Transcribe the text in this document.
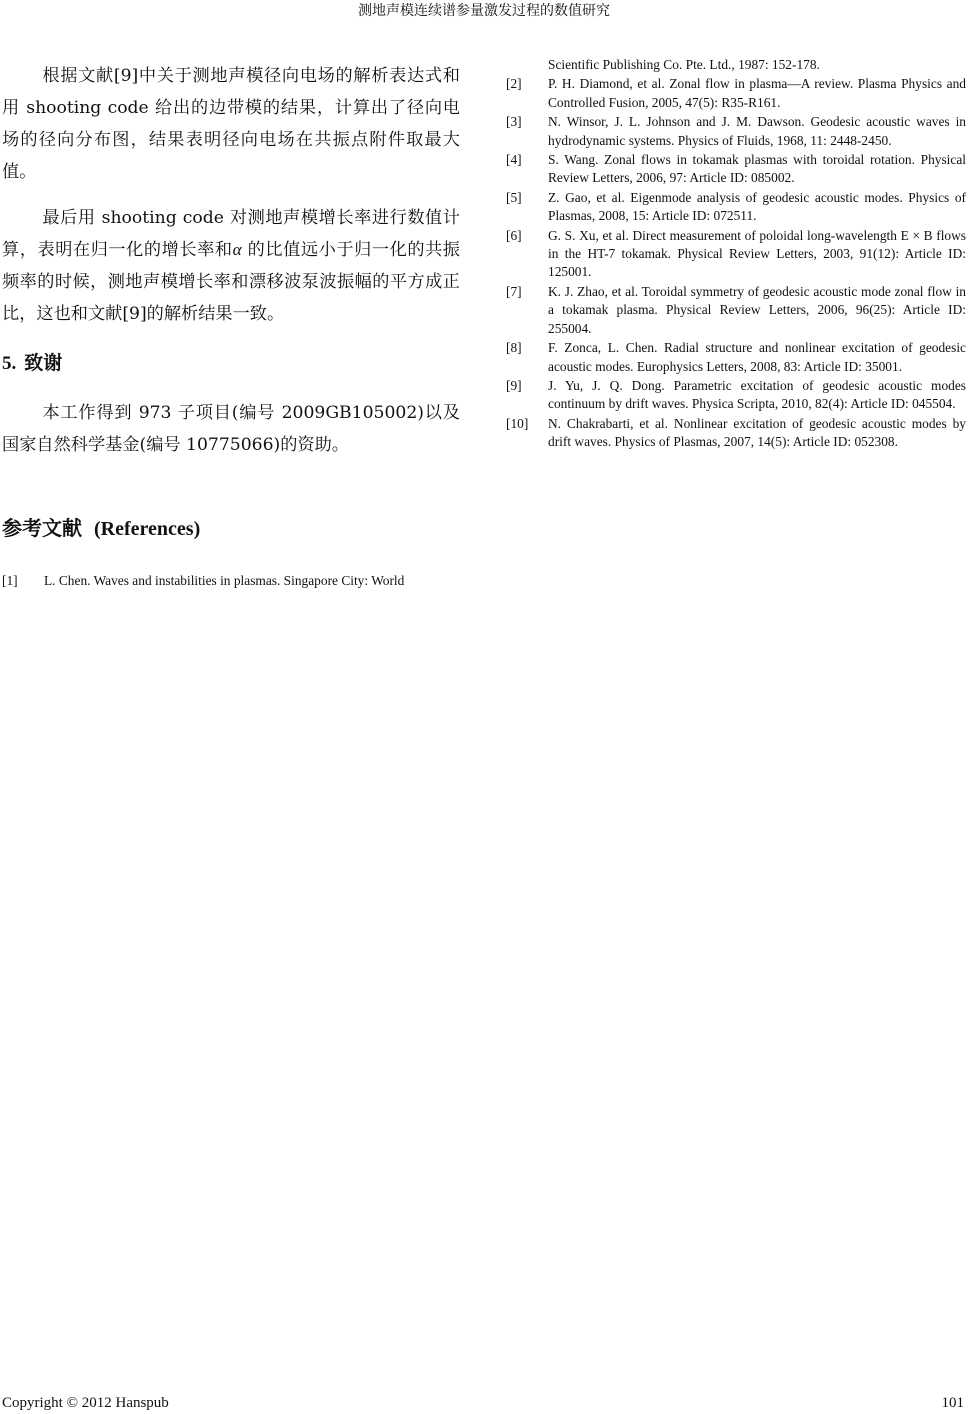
测地声模连续谱参量激发过程的数值研究

根据文献[9]中关于测地声模径向电场的解析表达式和用 shooting code 给出的边带模的结果，计算出了径向电场的径向分布图，结果表明径向电场在共振点附件取最大值。

最后用 shooting code 对测地声模增长率进行数值计算，表明在归一化的增长率和α 的比值远小于归一化的共振频率的时候，测地声模增长率和漂移波泵波振幅的平方成正比，这也和文献[9]的解析结果一致。

5. 致谢

本工作得到 973 子项目(编号 2009GB105002)以及国家自然科学基金(编号 10775066)的资助。

参考文献 (References)
[1] L. Chen. Waves and instabilities in plasmas. Singapore City: World
Scientific Publishing Co. Pte. Ltd., 1987: 152-178.
[2]	P. H. Diamond, et al. Zonal flow in plasma—A review. Plasma Physics and Controlled Fusion, 2005, 47(5): R35-R161.
[3]	N. Winsor, J. L. Johnson and J. M. Dawson. Geodesic acoustic waves in hydrodynamic systems. Physics of Fluids, 1968, 11: 2448-2450.
[4]	S. Wang. Zonal flows in tokamak plasmas with toroidal rotation. Physical Review Letters, 2006, 97: Article ID: 085002.
[5]	Z. Gao, et al. Eigenmode analysis of geodesic acoustic modes. Physics of Plasmas, 2008, 15: Article ID: 072511.
[6]	G. S. Xu, et al. Direct measurement of poloidal long-wavelength E × B flows in the HT-7 tokamak. Physical Review Letters, 2003, 91(12): Article ID: 125001.
[7]	K. J. Zhao, et al. Toroidal symmetry of geodesic acoustic mode zonal flow in a tokamak plasma. Physical Review Letters, 2006, 96(25): Article ID: 255004.
[8]	F. Zonca, L. Chen. Radial structure and nonlinear excitation of geodesic acoustic modes. Europhysics Letters, 2008, 83: Article ID: 35001.
[9]	J. Yu, J. Q. Dong. Parametric excitation of geodesic acoustic modes continuum by drift waves. Physica Scripta, 2010, 82(4): Article ID: 045504.
[10]	N. Chakrabarti, et al. Nonlinear excitation of geodesic acoustic modes by drift waves. Physics of Plasmas, 2007, 14(5): Article ID: 052308.
Copyright © 2012 Hanspub	101
